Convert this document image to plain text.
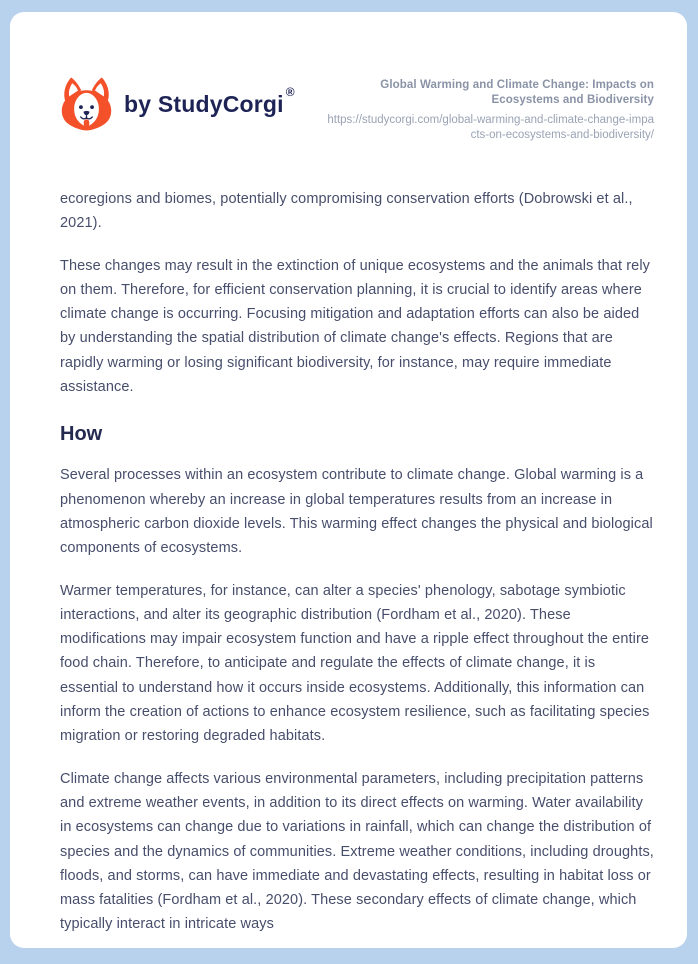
by StudyCorgi ®	Global Warming and Climate Change: Impacts on Ecosystems and Biodiversity
https://studycorgi.com/global-warming-and-climate-change-impacts-on-ecosystems-and-biodiversity/

ecoregions and biomes, potentially compromising conservation efforts (Dobrowski et al., 2021).

These changes may result in the extinction of unique ecosystems and the animals that rely on them. Therefore, for efficient conservation planning, it is crucial to identify areas where climate change is occurring. Focusing mitigation and adaptation efforts can also be aided by understanding the spatial distribution of climate change's effects. Regions that are rapidly warming or losing significant biodiversity, for instance, may require immediate assistance.

How

Several processes within an ecosystem contribute to climate change. Global warming is a phenomenon whereby an increase in global temperatures results from an increase in atmospheric carbon dioxide levels. This warming effect changes the physical and biological components of ecosystems.

Warmer temperatures, for instance, can alter a species' phenology, sabotage symbiotic interactions, and alter its geographic distribution (Fordham et al., 2020). These modifications may impair ecosystem function and have a ripple effect throughout the entire food chain. Therefore, to anticipate and regulate the effects of climate change, it is essential to understand how it occurs inside ecosystems. Additionally, this information can inform the creation of actions to enhance ecosystem resilience, such as facilitating species migration or restoring degraded habitats.

Climate change affects various environmental parameters, including precipitation patterns and extreme weather events, in addition to its direct effects on warming. Water availability in ecosystems can change due to variations in rainfall, which can change the distribution of species and the dynamics of communities. Extreme weather conditions, including droughts, floods, and storms, can have immediate and devastating effects, resulting in habitat loss or mass fatalities (Fordham et al., 2020). These secondary effects of climate change, which typically interact in intricate ways
